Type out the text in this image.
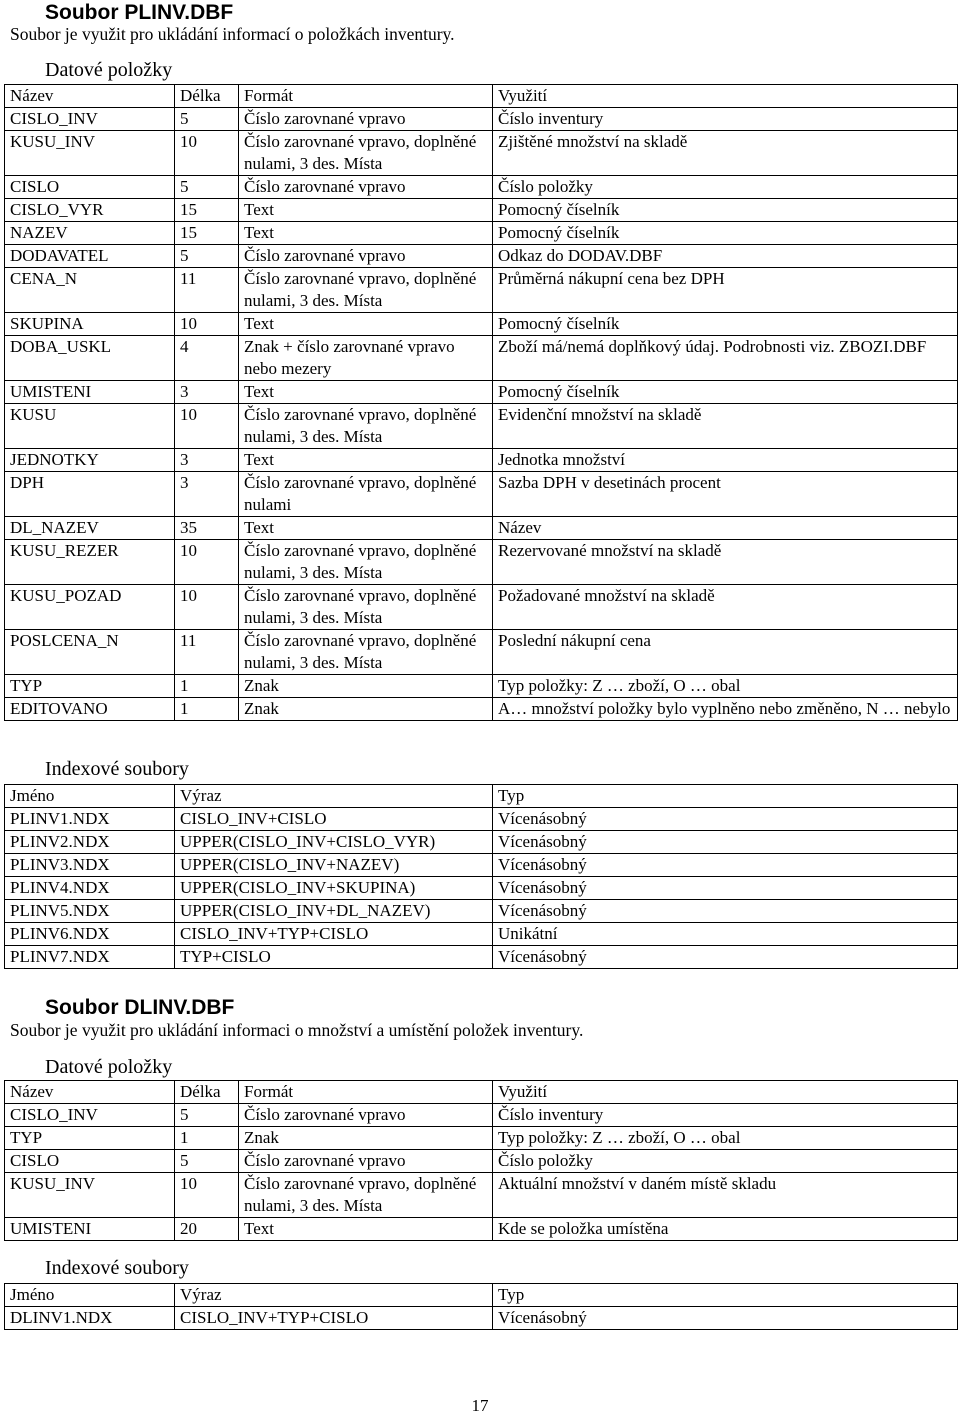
Soubor PLINV.DBF
Soubor je využit pro ukládání informací o položkách inventury.
Datové položky
Název	Délka	Formát	Využití
CISLO_INV	5	Číslo zarovnané vpravo	Číslo inventury
KUSU_INV	10	Číslo zarovnané vpravo, doplněné nulami, 3 des. Místa	Zjištěné množství na skladě
CISLO	5	Číslo zarovnané vpravo	Číslo položky
CISLO_VYR	15	Text	Pomocný číselník
NAZEV	15	Text	Pomocný číselník
DODAVATEL	5	Číslo zarovnané vpravo	Odkaz do DODAV.DBF
CENA_N	11	Číslo zarovnané vpravo, doplněné nulami, 3 des. Místa	Průměrná nákupní cena bez DPH
SKUPINA	10	Text	Pomocný číselník
DOBA_USKL	4	Znak + číslo zarovnané vpravo nebo mezery	Zboží má/nemá doplňkový údaj. Podrobnosti viz. ZBOZI.DBF
UMISTENI	3	Text	Pomocný číselník
KUSU	10	Číslo zarovnané vpravo, doplněné nulami, 3 des. Místa	Evidenční množství na skladě
JEDNOTKY	3	Text	Jednotka množství
DPH	3	Číslo zarovnané vpravo, doplněné nulami	Sazba DPH v desetinách procent
DL_NAZEV	35	Text	Název
KUSU_REZER	10	Číslo zarovnané vpravo, doplněné nulami, 3 des. Místa	Rezervované množství na skladě
KUSU_POZAD	10	Číslo zarovnané vpravo, doplněné nulami, 3 des. Místa	Požadované množství na skladě
POSLCENA_N	11	Číslo zarovnané vpravo, doplněné nulami, 3 des. Místa	Poslední nákupní cena
TYP	1	Znak	Typ položky: Z … zboží, O … obal
EDITOVANO	1	Znak	A… množství položky bylo vyplněno nebo změněno, N … nebylo
Indexové soubory
Jméno	Výraz	Typ
PLINV1.NDX	CISLO_INV+CISLO	Vícenásobný
PLINV2.NDX	UPPER(CISLO_INV+CISLO_VYR)	Vícenásobný
PLINV3.NDX	UPPER(CISLO_INV+NAZEV)	Vícenásobný
PLINV4.NDX	UPPER(CISLO_INV+SKUPINA)	Vícenásobný
PLINV5.NDX	UPPER(CISLO_INV+DL_NAZEV)	Vícenásobný
PLINV6.NDX	CISLO_INV+TYP+CISLO	Unikátní
PLINV7.NDX	TYP+CISLO	Vícenásobný
Soubor DLINV.DBF
Soubor je využit pro ukládání informaci o množství a umístění položek inventury.
Datové položky
Název	Délka	Formát	Využití
CISLO_INV	5	Číslo zarovnané vpravo	Číslo inventury
TYP	1	Znak	Typ položky: Z … zboží, O … obal
CISLO	5	Číslo zarovnané vpravo	Číslo položky
KUSU_INV	10	Číslo zarovnané vpravo, doplněné nulami, 3 des. Místa	Aktuální množství v daném místě skladu
UMISTENI	20	Text	Kde se položka umístěna
Indexové soubory
Jméno	Výraz	Typ
DLINV1.NDX	CISLO_INV+TYP+CISLO	Vícenásobný
17
